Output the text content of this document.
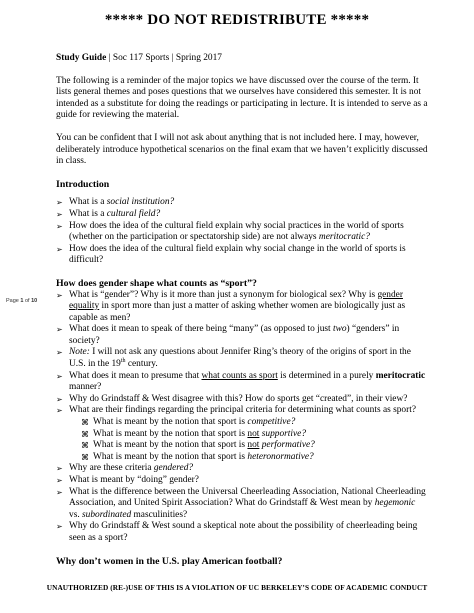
***** DO NOT REDISTRIBUTE *****

Study Guide | Soc 117 Sports | Spring 2017

The following is a reminder of the major topics we have discussed over the course of the term. It lists general themes and poses questions that we ourselves have considered this semester. It is not intended as a substitute for doing the readings or participating in lecture. It is intended to serve as a guide for reviewing the material.

You can be confident that I will not ask about anything that is not included here. I may, however, deliberately introduce hypothetical scenarios on the final exam that we haven’t explicitly discussed in class.

Introduction

➢ What is a social institution?
➢ What is a cultural field?
➢ How does the idea of the cultural field explain why social practices in the world of sports (whether on the participation or spectatorship side) are not always meritocratic?
➢ How does the idea of the cultural field explain why social change in the world of sports is difficult?

How does gender shape what counts as “sport”?

➢ What is “gender”? Why is it more than just a synonym for biological sex? Why is gender equality in sport more than just a matter of asking whether women are biologically just as capable as men?
➢ What does it mean to speak of there being “many” (as opposed to just two) “genders” in society?
➢ Note: I will not ask any questions about Jennifer Ring’s theory of the origins of sport in the U.S. in the 19th century.
➢ What does it mean to presume that what counts as sport is determined in a purely meritocratic manner?
➢ Why do Grindstaff & West disagree with this? How do sports get “created”, in their view?
➢ What are their findings regarding the principal criteria for determining what counts as sport?
⌘ What is meant by the notion that sport is competitive?
⌘ What is meant by the notion that sport is not supportive?
⌘ What is meant by the notion that sport is not performative?
⌘ What is meant by the notion that sport is heteronormative?
➢ Why are these criteria gendered?
➢ What is meant by “doing” gender?
➢ What is the difference between the Universal Cheerleading Association, National Cheerleading Association, and United Spirit Association? What do Grindstaff & West mean by hegemonic vs. subordinated masculinities?
➢ Why do Grindstaff & West sound a skeptical note about the possibility of cheerleading being seen as a sport?

Why don’t women in the U.S. play American football?

Page 1 of 10
UNAUTHORIZED (RE-)USE OF THIS IS A VIOLATION OF UC BERKELEY’S CODE OF ACADEMIC CONDUCT
